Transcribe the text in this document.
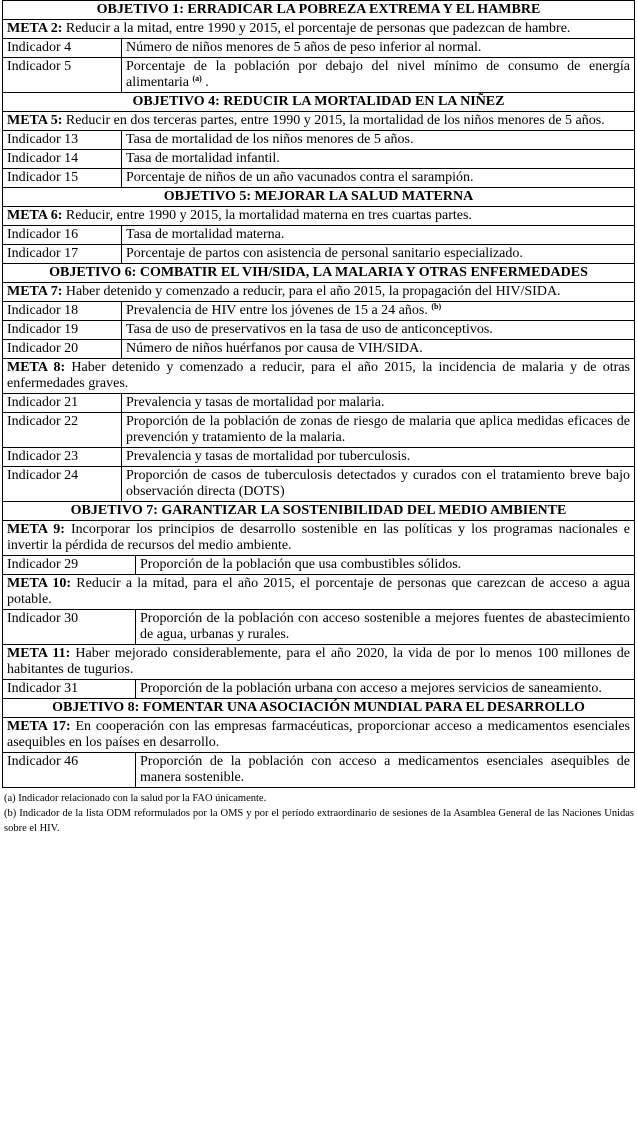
OBJETIVO 1: ERRADICAR LA POBREZA EXTREMA Y EL HAMBRE		
META 2: Reducir a la mitad, entre 1990 y 2015, el porcentaje de personas que padezcan de hambre.		
Indicador 4	Número de niños menores de 5 años de peso inferior al normal.	
Indicador 5	Porcentaje de la población por debajo del nivel mínimo de consumo de energía alimentaria $^{(a)}$ .	
OBJETIVO 4: REDUCIR LA MORTALIDAD EN LA NIÑEZ		
META 5: Reducir en dos terceras partes, entre 1990 y 2015, la mortalidad de los niños menores de 5 años.		
Indicador 13	Tasa de mortalidad de los niños menores de 5 años.	
Indicador 14	Tasa de mortalidad infantil.	
Indicador 15	Porcentaje de niños de un año vacunados contra el sarampión.	
OBJETIVO 5: MEJORAR LA SALUD MATERNA		
META 6: Reducir, entre 1990 y 2015, la mortalidad materna en tres cuartas partes.		
Indicador 16	Tasa de mortalidad materna.	
Indicador 17	Porcentaje de partos con asistencia de personal sanitario especializado.	
OBJETIVO 6: COMBATIR EL VIH/SIDA, LA MALARIA Y OTRAS ENFERMEDADES		
META 7: Haber detenido y comenzado a reducir, para el año 2015, la propagación del HIV/SIDA.		
Indicador 18	Prevalencia de HIV entre los jóvenes de 15 a 24 años. $^{(b)}$
Indicador 19	Tasa de uso de preservativos en la tasa de uso de anticonceptivos.	
Indicador 20	Número de niños huérfanos por causa de VIH/SIDA.	
META 8: Haber detenido y comenzado a reducir, para el año 2015, la incidencia de malaria y de otras enfermedades graves.		
Indicador 21	Prevalencia y tasas de mortalidad por malaria.	
Indicador 22	Proporción de la población de zonas de riesgo de malaria que aplica medidas eficaces de prevención y tratamiento de la malaria.	
Indicador 23	Prevalencia y tasas de mortalidad por tuberculosis.	
Indicador 24	Proporción de casos de tuberculosis detectados y curados con el tratamiento breve bajo observación directa (DOTS)	
OBJETIVO 7: GARANTIZAR LA SOSTENIBILIDAD DEL MEDIO AMBIENTE		
META 9: Incorporar los principios de desarrollo sostenible en las políticas y los programas nacionales e invertir la pérdida de recursos del medio ambiente.		
Indicador 29		Proporción de la población que usa combustibles sólidos.
META 10: Reducir a la mitad, para el año 2015, el porcentaje de personas que carezcan de acceso a agua potable.		
Indicador 30		Proporción de la población con acceso sostenible a mejores fuentes de abastecimiento de agua, urbanas y rurales.
META 11: Haber mejorado considerablemente, para el año 2020, la vida de por lo menos 100 millones de habitantes de tugurios.		
Indicador 31		Proporción de la población urbana con acceso a mejores servicios de saneamiento.
OBJETIVO 8: FOMENTAR UNA ASOCIACIÓN MUNDIAL PARA EL DESARROLLO		
META 17: En cooperación con las empresas farmacéuticas, proporcionar acceso a medicamentos esenciales asequibles en los países en desarrollo.		
Indicador 46		Proporción de la población con acceso a medicamentos esenciales asequibles de manera sostenible.
(a) Indicador relacionado con la salud por la FAO únicamente.
(b) Indicador de la lista ODM reformulados por la OMS y por el período extraordinario de sesiones de la Asamblea General de las Naciones Unidas sobre el HIV.
